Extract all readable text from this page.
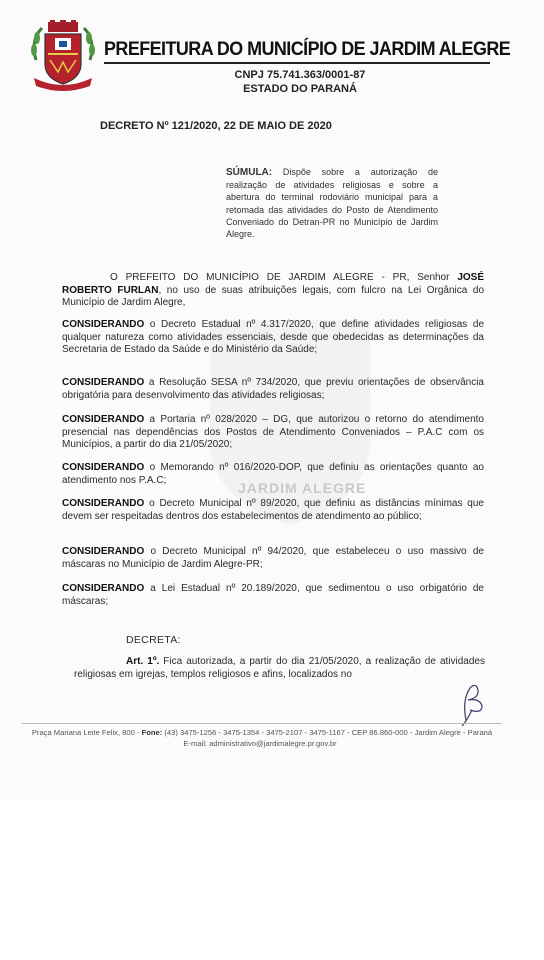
PREFEITURA DO MUNICÍPIO DE JARDIM ALEGRE
CNPJ 75.741.363/0001-87
ESTADO DO PARANÁ
DECRETO Nº 121/2020, 22 DE MAIO DE 2020
SÚMULA: Dispõe sobre a autorização de realização de atividades religiosas e sobre a abertura do terminal rodoviário municipal para a retomada das atividades do Posto de Atendimento Conveniado do Detran-PR no Município de Jardim Alegre.
JARDIM ALEGRE
O PREFEITO DO MUNICÍPIO DE JARDIM ALEGRE - PR, Senhor JOSÉ ROBERTO FURLAN, no uso de suas atribuições legais, com fulcro na Lei Orgânica do Município de Jardim Alegre,
CONSIDERANDO o Decreto Estadual nº 4.317/2020, que define atividades religiosas de qualquer natureza como atividades essenciais, desde que obedecidas as determinações da Secretaria de Estado da Saúde e do Ministério da Saúde;
CONSIDERANDO a Resolução SESA nº 734/2020, que previu orientações de observância obrigatória para desenvolvimento das atividades religiosas;
CONSIDERANDO a Portaria nº 028/2020 – DG, que autorizou o retorno do atendimento presencial nas dependências dos Postos de Atendimento Conveniados – P.A.C com os Municípios, a partir do dia 21/05/2020;
CONSIDERANDO o Memorando nº 016/2020-DOP, que definiu as orientações quanto ao atendimento nos P.A.C;
CONSIDERANDO o Decreto Municipal nº 89/2020, que definiu as distâncias mínimas que devem ser respeitadas dentros dos estabelecimentos de atendimento ao público;
CONSIDERANDO o Decreto Municipal nº 94/2020, que estabeleceu o uso massivo de máscaras no Município de Jardim Alegre-PR;
CONSIDERANDO a Lei Estadual nº 20.189/2020, que sedimentou o uso orbigatório de máscaras;
DECRETA:
Art. 1º. Fica autorizada, a partir do dia 21/05/2020, a realização de atividades religiosas em igrejas, templos religiosos e afins, localizados no
Praça Mariana Leite Felix, 800 - Fone: (43) 3475-1256 - 3475-1354 - 3475-2107 - 3475-1167 - CEP 86.860-000 - Jardim Alegre - Paraná
E-mail: administrativo@jardimalegre.pr.gov.br
